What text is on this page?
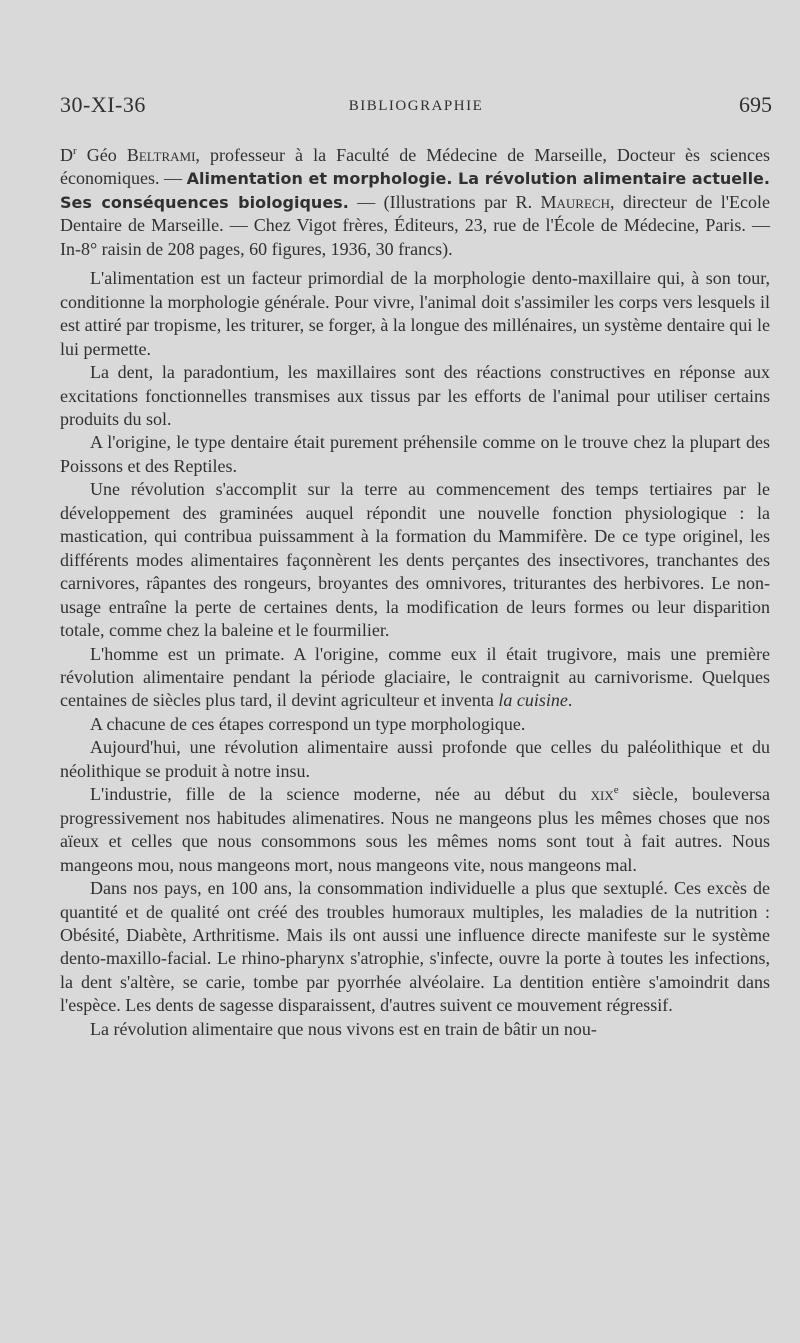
30-XI-36	BIBLIOGRAPHIE	695

$D^r$ Géo Beltrami, professeur à la Faculté de Médecine de Marseille, Docteur ès sciences économiques. — Alimentation et morphologie. La révolution alimentaire actuelle. Ses conséquences biologiques. — (Illustrations par R. Maurech, directeur de l'Ecole Dentaire de Marseille. — Chez Vigot frères, Éditeurs, 23, rue de l'École de Médecine, Paris. — In-8° raisin de 208 pages, 60 figures, 1936, 30 francs).

L'alimentation est un facteur primordial de la morphologie dento-maxillaire qui, à son tour, conditionne la morphologie générale. Pour vivre, l'animal doit s'assimiler les corps vers lesquels il est attiré par tropisme, les triturer, se forger, à la longue des millénaires, un système dentaire qui le lui permette.

La dent, la paradontium, les maxillaires sont des réactions constructives en réponse aux excitations fonctionnelles transmises aux tissus par les efforts de l'animal pour utiliser certains produits du sol.

A l'origine, le type dentaire était purement préhensile comme on le trouve chez la plupart des Poissons et des Reptiles.

Une révolution s'accomplit sur la terre au commencement des temps tertiaires par le développement des graminées auquel répondit une nouvelle fonction physiologique : la mastication, qui contribua puissamment à la formation du Mammifère. De ce type originel, les différents modes alimentaires façonnèrent les dents perçantes des insectivores, tranchantes des carnivores, râpantes des rongeurs, broyantes des omnivores, triturantes des herbivores. Le non-usage entraîne la perte de certaines dents, la modification de leurs formes ou leur disparition totale, comme chez la baleine et le fourmilier.

L'homme est un primate. A l'origine, comme eux il était trugivore, mais une première révolution alimentaire pendant la période glaciaire, le contraignit au carnivorisme. Quelques centaines de siècles plus tard, il devint agriculteur et inventa la cuisine.

A chacune de ces étapes correspond un type morphologique.

Aujourd'hui, une révolution alimentaire aussi profonde que celles du paléolithique et du néolithique se produit à notre insu.

L'industrie, fille de la science moderne, née au début du xix$^e$ siècle, bouleversa progressivement nos habitudes alimenatires. Nous ne mangeons plus les mêmes choses que nos aïeux et celles que nous consommons sous les mêmes noms sont tout à fait autres. Nous mangeons mou, nous mangeons mort, nous mangeons vite, nous mangeons mal.

Dans nos pays, en 100 ans, la consommation individuelle a plus que sextuplé. Ces excès de quantité et de qualité ont créé des troubles humoraux multiples, les maladies de la nutrition : Obésité, Diabète, Arthritisme. Mais ils ont aussi une influence directe manifeste sur le système dento-maxillo-facial. Le rhino-pharynx s'atrophie, s'infecte, ouvre la porte à toutes les infections, la dent s'altère, se carie, tombe par pyorrhée alvéolaire. La dentition entière s'amoindrit dans l'espèce. Les dents de sagesse disparaissent, d'autres suivent ce mouvement régressif.

La révolution alimentaire que nous vivons est en train de bâtir un nou-
